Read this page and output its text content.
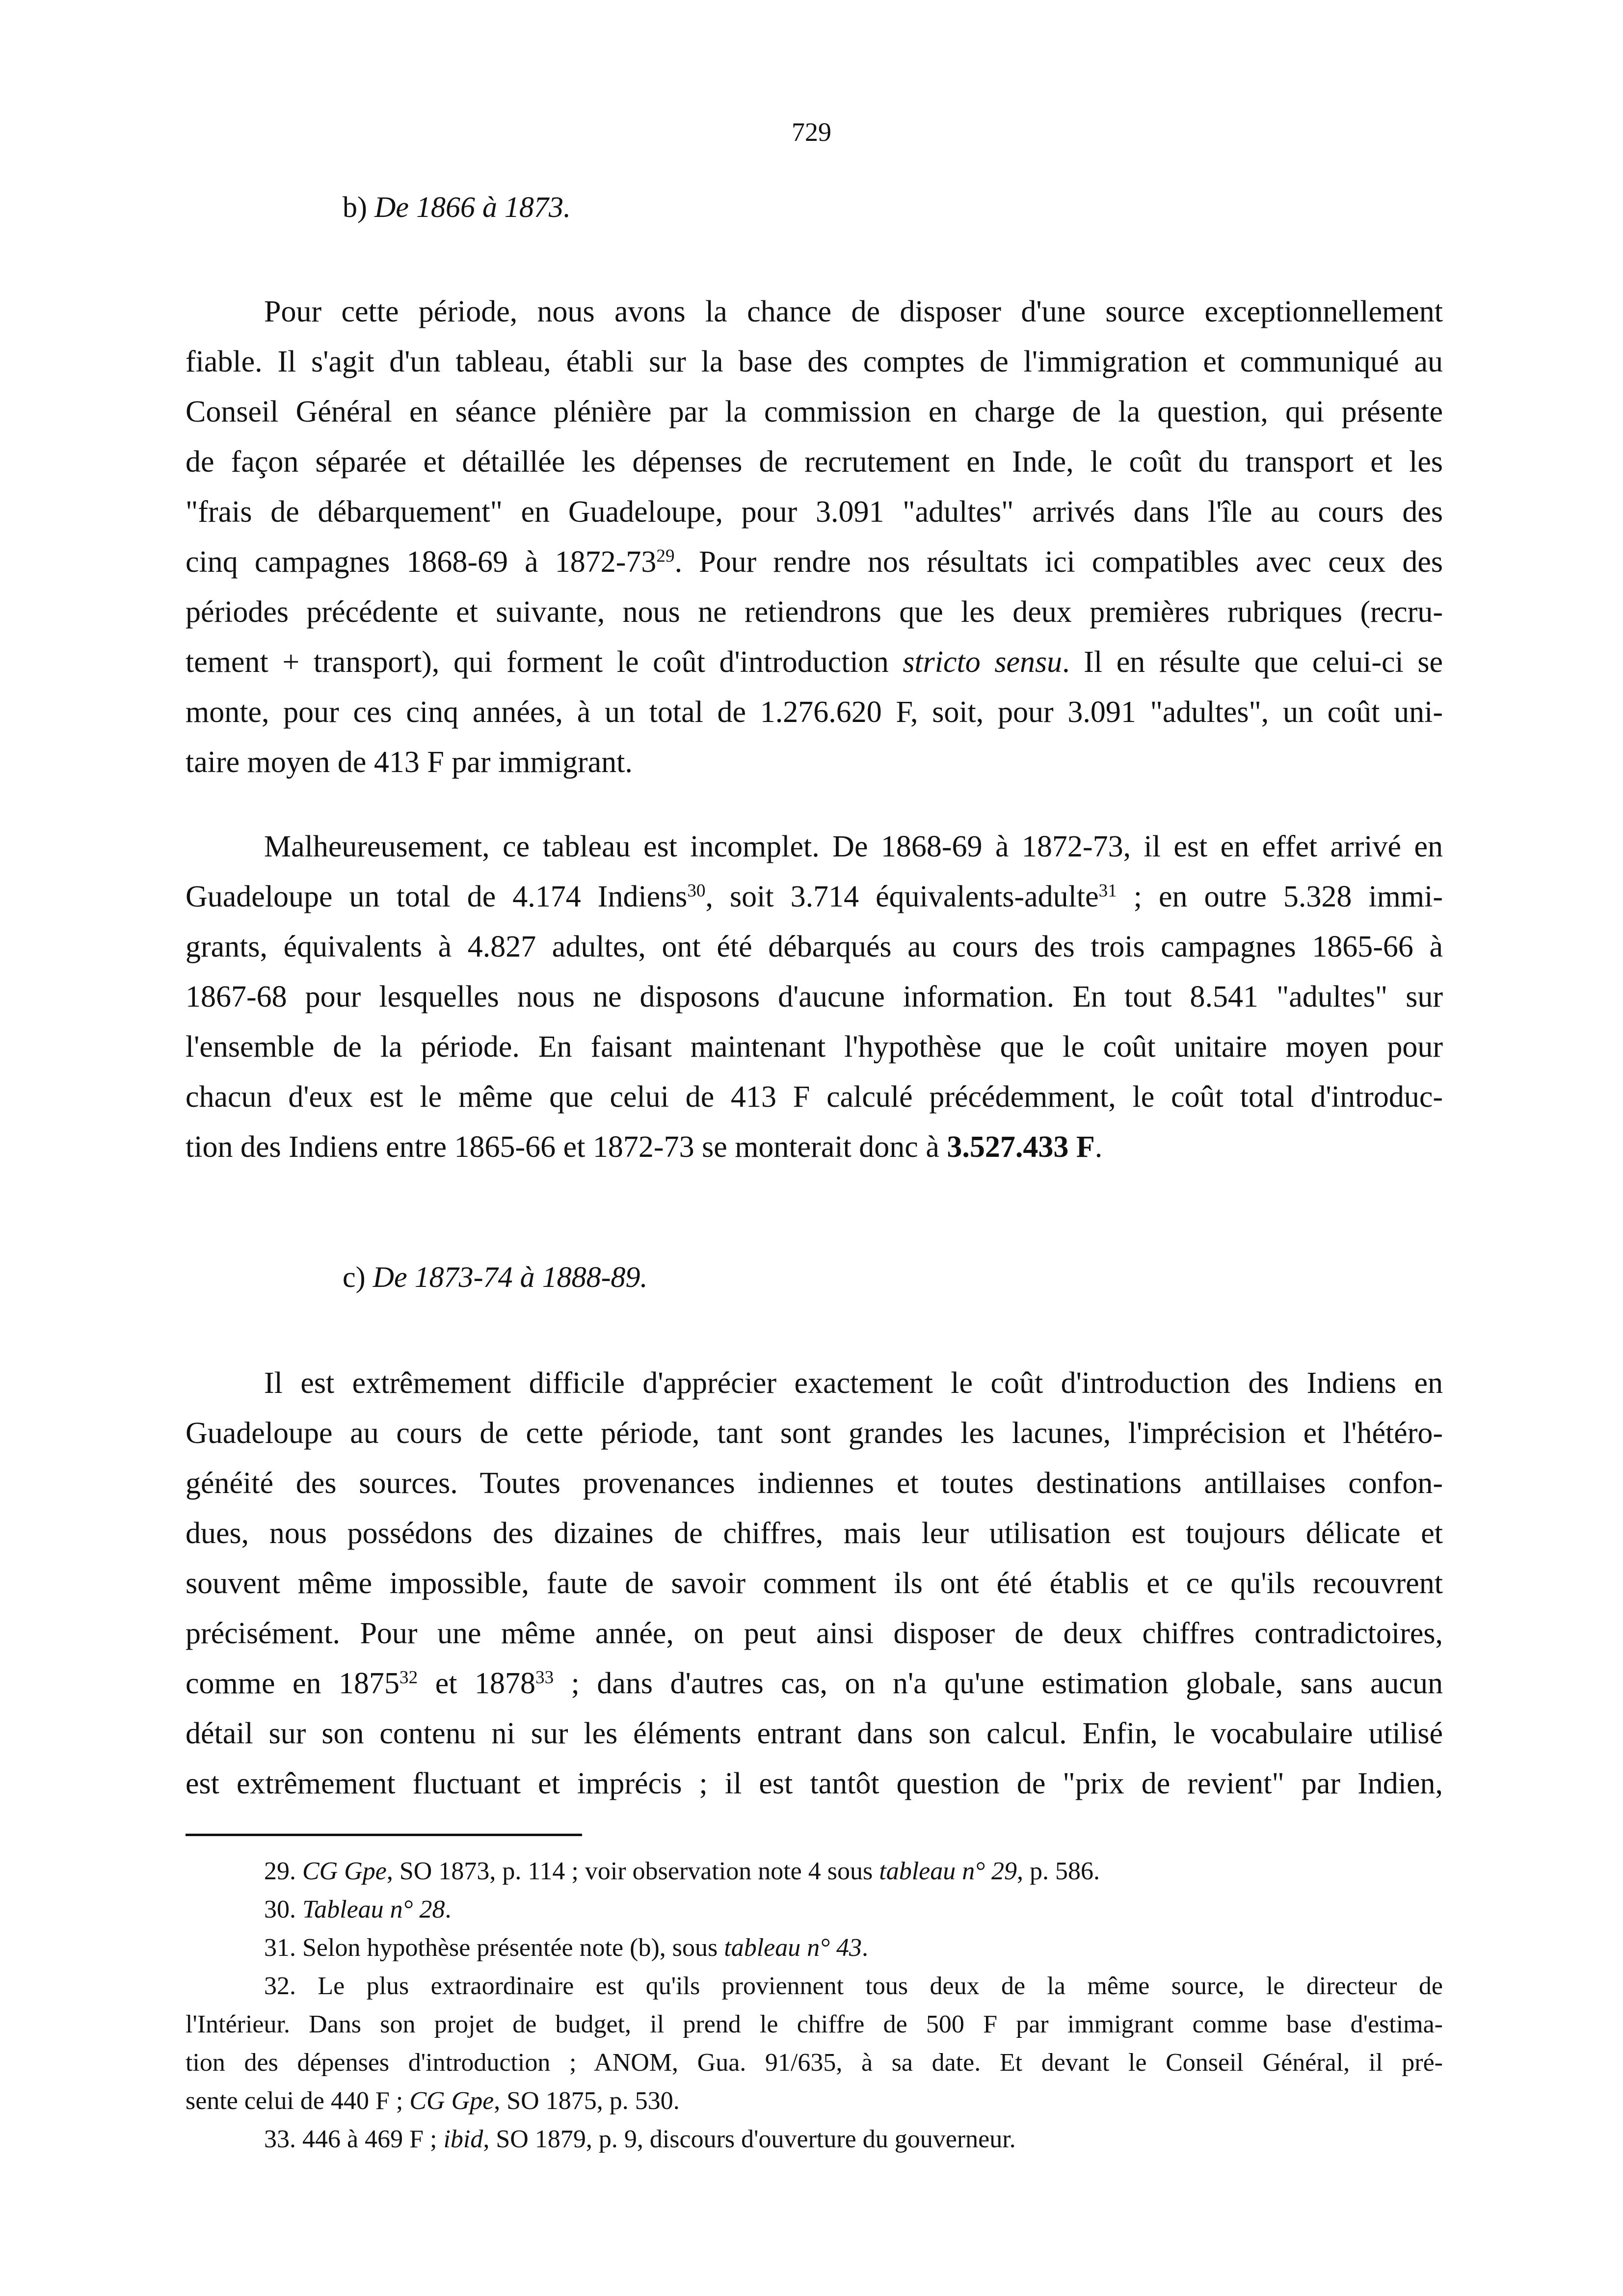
729
b) De 1866 à 1873.
Pour cette période, nous avons la chance de disposer d'une source exceptionnellement
fiable. Il s'agit d'un tableau, établi sur la base des comptes de l'immigration et communiqué au
Conseil Général en séance plénière par la commission en charge de la question, qui présente
de façon séparée et détaillée les dépenses de recrutement en Inde, le coût du transport et les
"frais de débarquement" en Guadeloupe, pour 3.091 "adultes" arrivés dans l'île au cours des
cinq campagnes 1868-69 à $1872-73^{29}$. Pour rendre nos résultats ici compatibles avec ceux des
périodes précédente et suivante, nous ne retiendrons que les deux premières rubriques (recru-
tement + transport), qui forment le coût d'introduction stricto sensu. Il en résulte que celui-ci se
monte, pour ces cinq années, à un total de 1.276.620 F, soit, pour 3.091 "adultes", un coût uni-
taire moyen de 413 F par immigrant.
Malheureusement, ce tableau est incomplet. De 1868-69 à 1872-73, il est en effet arrivé en
Guadeloupe un total de 4.174 Indiens$^{30}$, soit 3.714 équivalents-adulte$^{31}$ ; en outre 5.328 immi-
grants, équivalents à 4.827 adultes, ont été débarqués au cours des trois campagnes 1865-66 à
1867-68 pour lesquelles nous ne disposons d'aucune information. En tout 8.541 "adultes" sur
l'ensemble de la période. En faisant maintenant l'hypothèse que le coût unitaire moyen pour
chacun d'eux est le même que celui de 413 F calculé précédemment, le coût total d'introduc-
tion des Indiens entre 1865-66 et 1872-73 se monterait donc à 3.527.433 F.
c) De 1873-74 à 1888-89.
Il est extrêmement difficile d'apprécier exactement le coût d'introduction des Indiens en
Guadeloupe au cours de cette période, tant sont grandes les lacunes, l'imprécision et l'hétéro-
généité des sources. Toutes provenances indiennes et toutes destinations antillaises confon-
dues, nous possédons des dizaines de chiffres, mais leur utilisation est toujours délicate et
souvent même impossible, faute de savoir comment ils ont été établis et ce qu'ils recouvrent
précisément. Pour une même année, on peut ainsi disposer de deux chiffres contradictoires,
comme en 1875$^{32}$ et 1878$^{33}$ ; dans d'autres cas, on n'a qu'une estimation globale, sans aucun
détail sur son contenu ni sur les éléments entrant dans son calcul. Enfin, le vocabulaire utilisé
est extrêmement fluctuant et imprécis ; il est tantôt question de "prix de revient" par Indien,
29. CG Gpe, SO 1873, p. 114 ; voir observation note 4 sous tableau n° 29, p. 586.
30. Tableau n° 28.
31. Selon hypothèse présentée note (b), sous tableau n° 43.
32. Le plus extraordinaire est qu'ils proviennent tous deux de la même source, le directeur de
l'Intérieur. Dans son projet de budget, il prend le chiffre de 500 F par immigrant comme base d'estima-
tion des dépenses d'introduction ; ANOM, Gua. 91/635, à sa date. Et devant le Conseil Général, il pré-
sente celui de 440 F ; CG Gpe, SO 1875, p. 530.
33. 446 à 469 F ; ibid, SO 1879, p. 9, discours d'ouverture du gouverneur.
